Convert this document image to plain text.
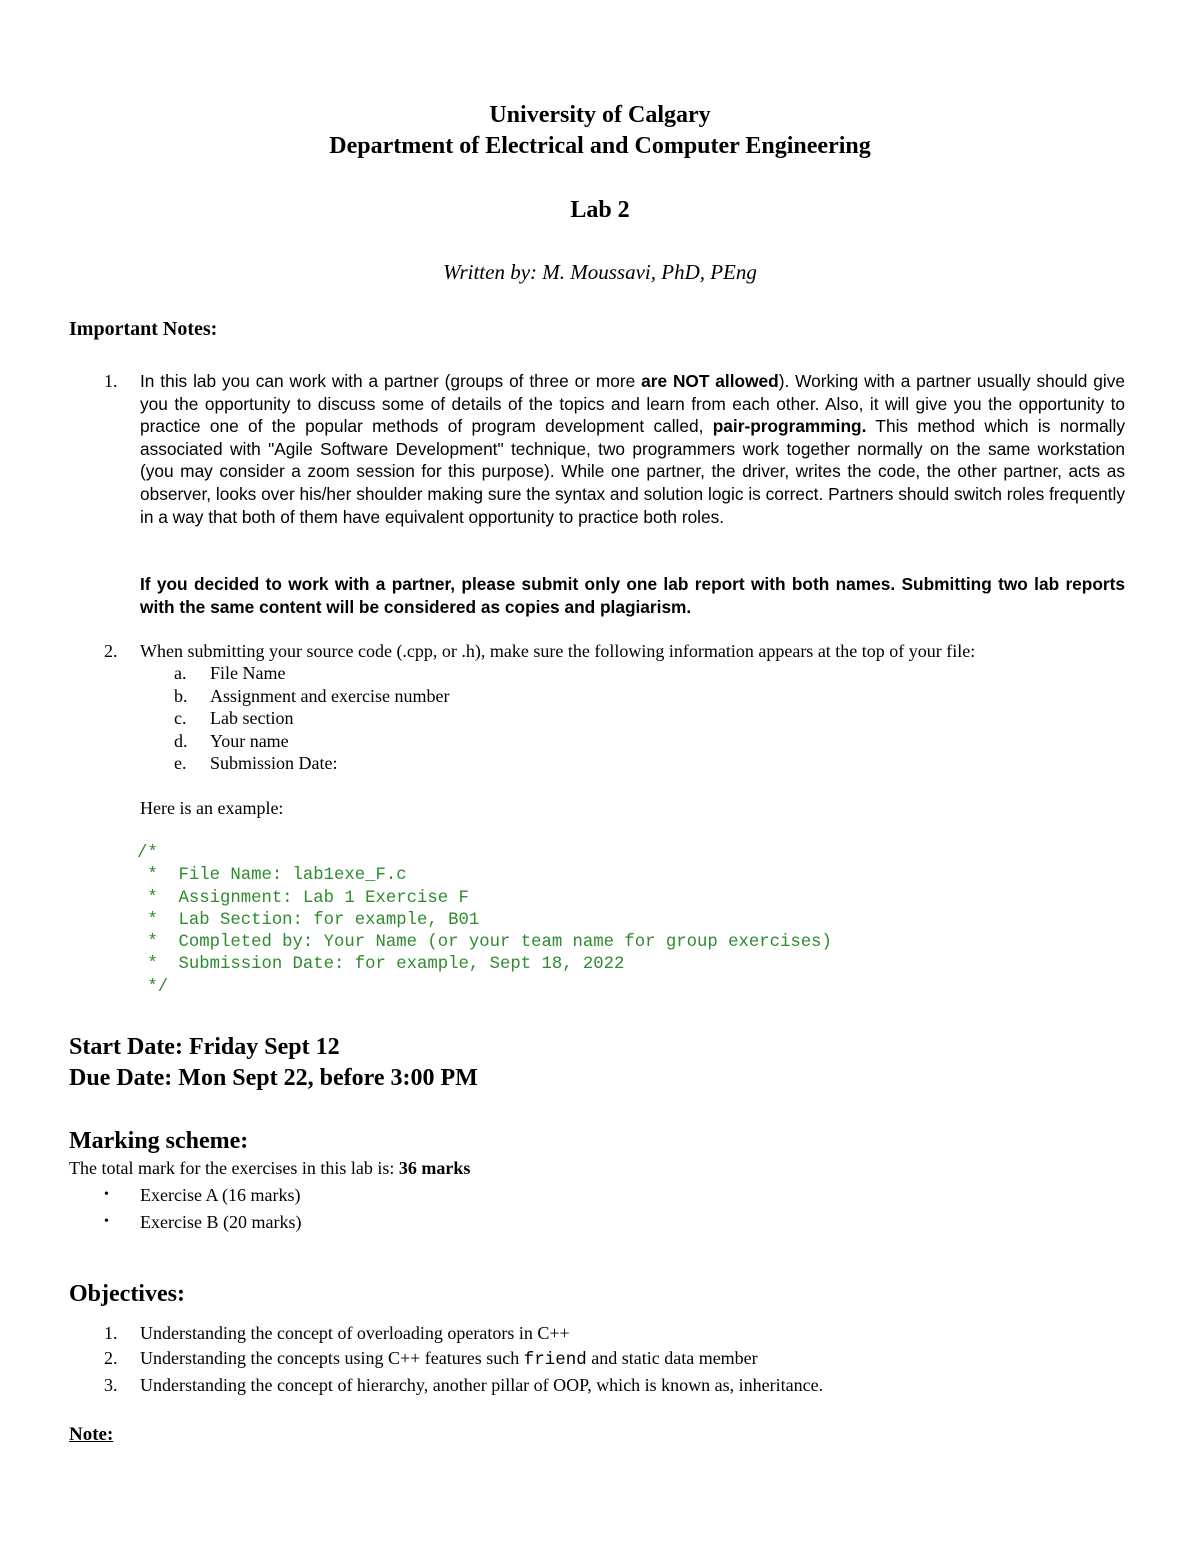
University of Calgary
Department of Electrical and Computer Engineering
Lab 2
Written by: M. Moussavi, PhD, PEng
Important Notes:
1. In this lab you can work with a partner (groups of three or more are NOT allowed). Working with a partner usually should give you the opportunity to discuss some of details of the topics and learn from each other. Also, it will give you the opportunity to practice one of the popular methods of program development called, pair-programming. This method which is normally associated with "Agile Software Development" technique, two programmers work together normally on the same workstation (you may consider a zoom session for this purpose). While one partner, the driver, writes the code, the other partner, acts as observer, looks over his/her shoulder making sure the syntax and solution logic is correct. Partners should switch roles frequently in a way that both of them have equivalent opportunity to practice both roles.
If you decided to work with a partner, please submit only one lab report with both names. Submitting two lab reports with the same content will be considered as copies and plagiarism.
2. When submitting your source code (.cpp, or .h), make sure the following information appears at the top of your file:
a.	File Name
b.	Assignment and exercise number
c.	Lab section
d.	Your name
e.	Submission Date:
Here is an example:
/*
*  File Name: lab1exe_F.c
*  Assignment: Lab 1 Exercise F
*  Lab Section: for example, B01
*  Completed by: Your Name (or your team name for group exercises)
*  Submission Date: for example, Sept 18, 2022
*/
Start Date: Friday Sept 12
Due Date: Mon Sept 22, before 3:00 PM
Marking scheme:
The total mark for the exercises in this lab is: 36 marks
• Exercise A (16 marks)
• Exercise B (20 marks)
Objectives:
1. Understanding the concept of overloading operators in C++
2. Understanding the concepts using C++ features such friend and static data member
3. Understanding the concept of hierarchy, another pillar of OOP, which is known as, inheritance.
Note:
